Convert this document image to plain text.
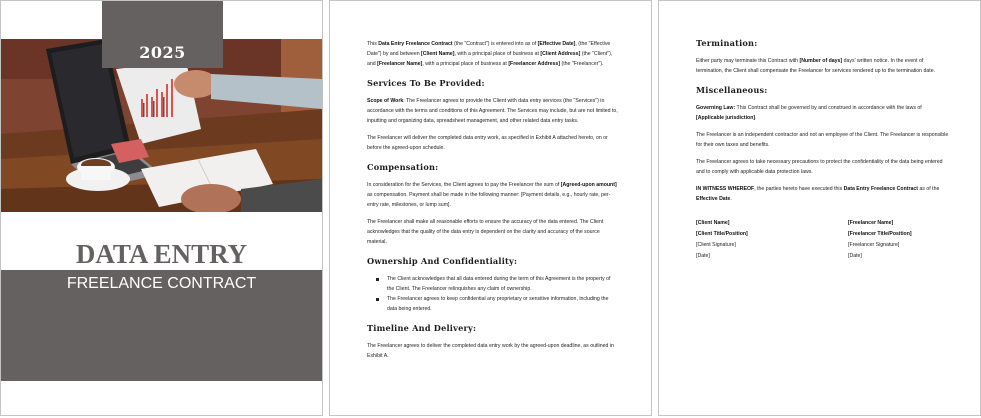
2025
DATA ENTRY
FREELANCE CONTRACT

This Data Entry Freelance Contract (the "Contract") is entered into as of [Effective Date], (the "Effective Date") by and between [Client Name], with a principal place of business at [Client Address] (the "Client"), and [Freelancer Name], with a principal place of business at [Freelancer Address] (the "Freelancer").

Services To Be Provided:

Scope of Work: The Freelancer agrees to provide the Client with data entry services (the "Services") in accordance with the terms and conditions of this Agreement. The Services may include, but are not limited to, inputting and organizing data, spreadsheet management, and other related data entry tasks.

The Freelancer will deliver the completed data entry work, as specified in Exhibit A attached hereto, on or before the agreed-upon schedule.

Compensation:

In consideration for the Services, the Client agrees to pay the Freelancer the sum of [Agreed-upon amount] as compensation. Payment shall be made in the following manner: [Payment details, e.g., hourly rate, per-entry rate, milestones, or lump sum].

The Freelancer shall make all reasonable efforts to ensure the accuracy of the data entered. The Client acknowledges that the quality of the data entry is dependent on the clarity and accuracy of the source material.

Ownership And Confidentiality:
The Client acknowledges that all data entered during the term of this Agreement is the property of the Client. The Freelancer relinquishes any claim of ownership.
The Freelancer agrees to keep confidential any proprietary or sensitive information, including the data being entered.
Timeline And Delivery:

The Freelancer agrees to deliver the completed data entry work by the agreed-upon deadline, as outlined in Exhibit A.

Termination:

Either party may terminate this Contract with [Number of days] days' written notice. In the event of termination, the Client shall compensate the Freelancer for services rendered up to the termination date.

Miscellaneous:

Governing Law: This Contract shall be governed by and construed in accordance with the laws of [Applicable jurisdiction].

The Freelancer is an independent contractor and not an employee of the Client. The Freelancer is responsible for their own taxes and benefits.

The Freelancer agrees to take necessary precautions to protect the confidentiality of the data being entered and to comply with applicable data protection laws.

IN WITNESS WHEREOF, the parties hereto have executed this Data Entry Freelance Contract as of the Effective Date.

[Client Name]	[Freelancer Name]
[Client Title/Position]	[Freelancer Title/Position]
[Client Signature]	[Freelancer Signature]
[Date]	[Date]
